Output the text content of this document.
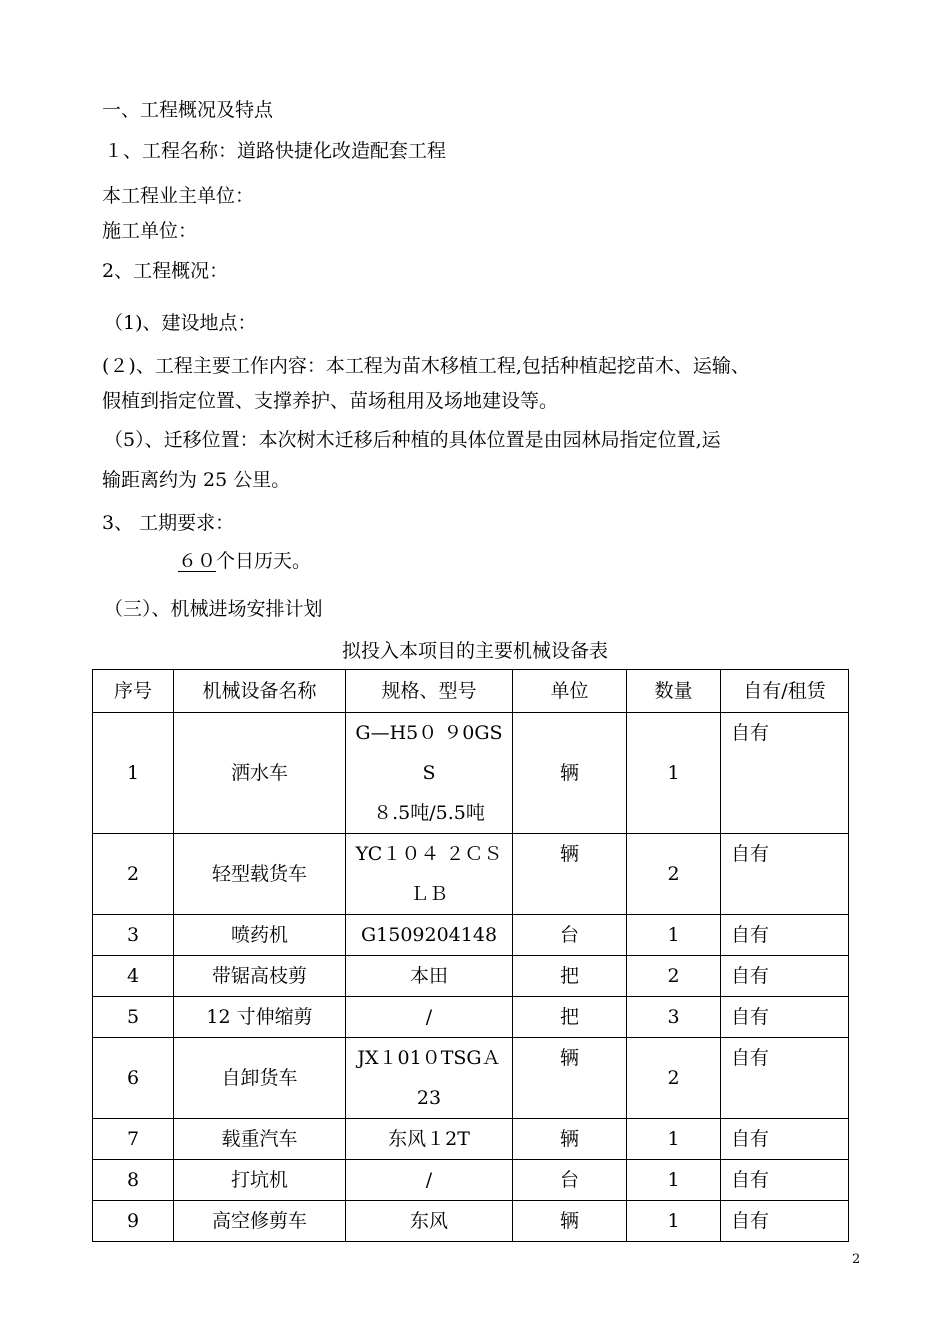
一、工程概况及特点
１、工程名称：道路快捷化改造配套工程
本工程业主单位：
施工单位：
2、工程概况：
（1)、建设地点：
(２)、工程主要工作内容：本工程为苗木移植工程,包括种植起挖苗木、运输、
假植到指定位置、支撑养护、苗场租用及场地建设等。
（5）、迁移位置：本次树木迁移后种植的具体位置是由园林局指定位置,运
输距离约为 25 公里。
3、 工期要求：
６０个日历天。
（三）、机械进场安排计划
拟投入本项目的主要机械设备表
序号	机械设备名称	规格、型号	单位	数量	自有/租赁
1	洒水车	G—H5０ ９0GS
S
８.5吨/5.5吨	辆	1	自有
2	轻型载货车	YC１０４ ２ＣＳ
ＬＢ	辆	2	自有
3	喷药机	G1509204148	台	1	自有
4	带锯高枝剪	本田	把	2	自有
5	12 寸伸缩剪	/	把	3	自有
6	自卸货车	JX１01０TSGＡ
23	辆	2	自有
7	载重汽车	东风１2T	辆	1	自有
8	打坑机	/	台	1	自有
9	高空修剪车	东风	辆	1	自有
2
